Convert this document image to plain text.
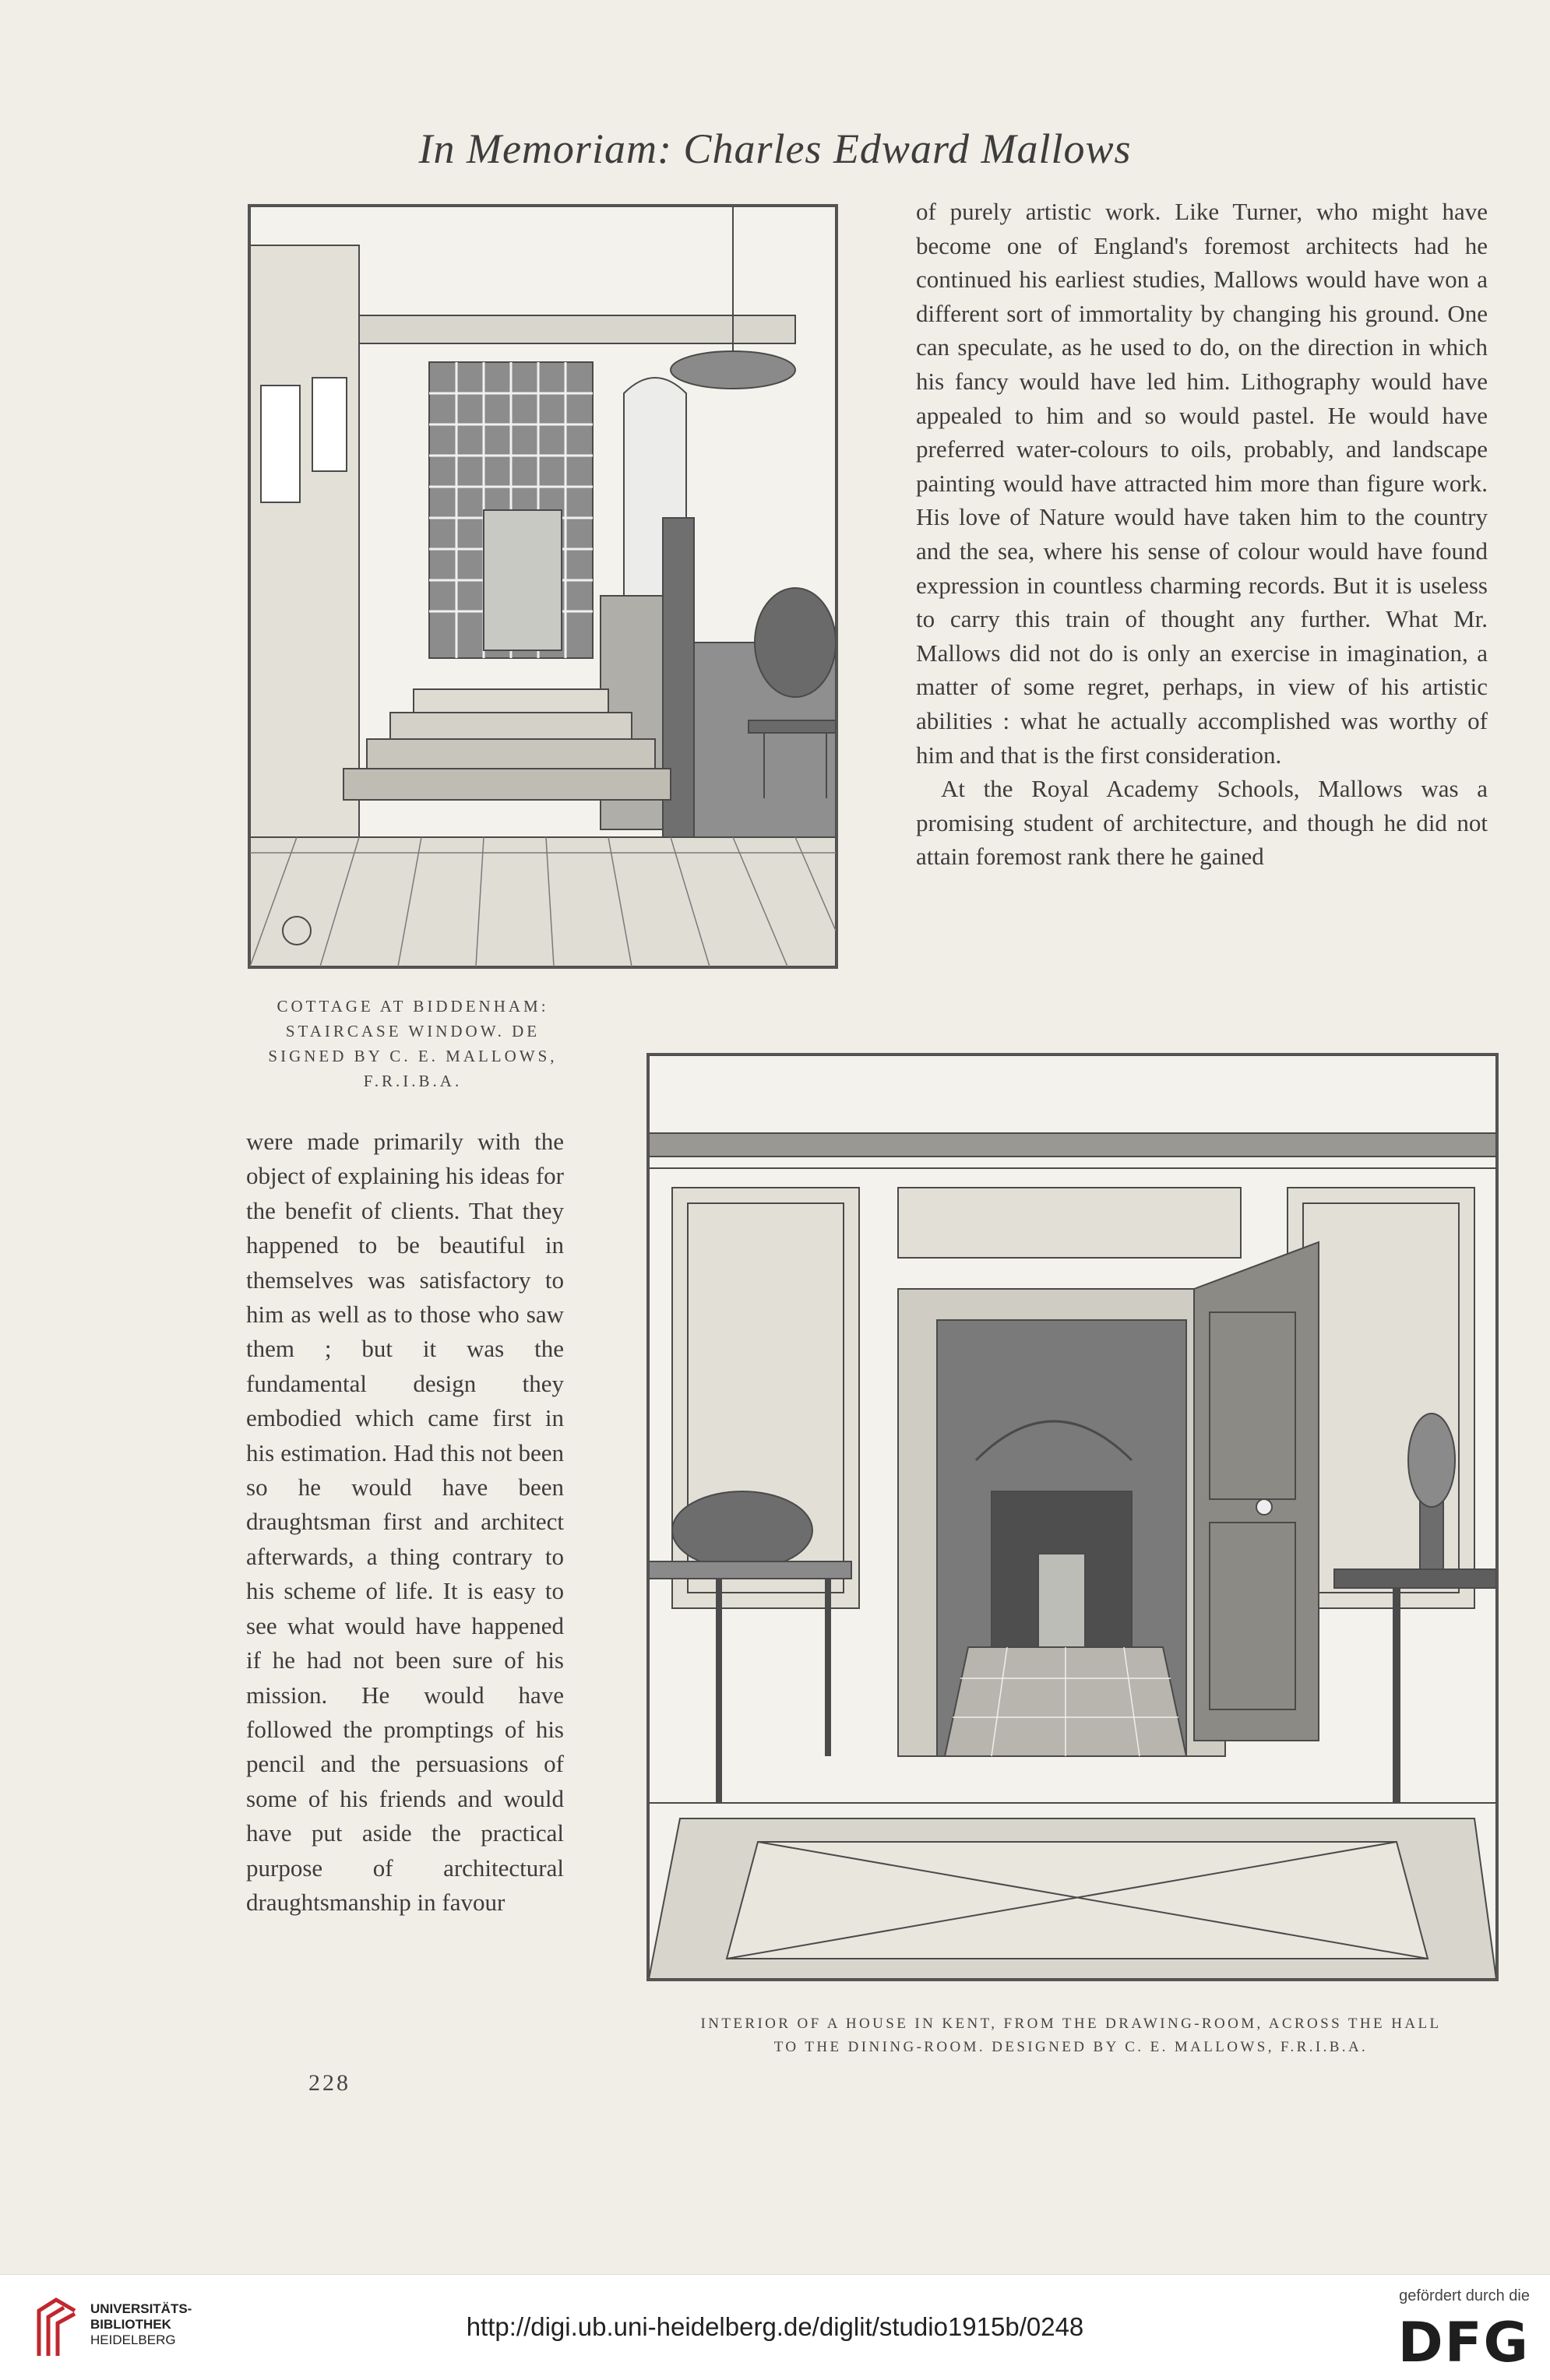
In Memoriam: Charles Edward Mallows
COTTAGE AT BIDDENHAM:
STAIRCASE WINDOW. DE
SIGNED BY C. E. MALLOWS,
F.R.I.B.A.

of purely artistic work. Like Turner, who might have become one of England's foremost architects had he continued his earliest studies, Mallows would have won a different sort of immortality by changing his ground. One can speculate, as he used to do, on the direction in which his fancy would have led him. Lithography would have appealed to him and so would pastel. He would have preferred water-colours to oils, probably, and landscape painting would have attracted him more than figure work. His love of Nature would have taken him to the country and the sea, where his sense of colour would have found expression in countless charming records. But it is useless to carry this train of thought any further. What Mr. Mallows did not do is only an exercise in imagination, a matter of some regret, perhaps, in view of his artistic abilities : what he actually accomplished was worthy of him and that is the first consideration.

At the Royal Academy Schools, Mallows was a promising student of architecture, and though he did not attain foremost rank there he gained

INTERIOR OF A HOUSE IN KENT, FROM THE DRAWING-ROOM, ACROSS THE HALL
TO THE DINING-ROOM. DESIGNED BY C. E. MALLOWS, F.R.I.B.A.

were made primarily with the object of explaining his ideas for the benefit of clients. That they happened to be beautiful in themselves was satisfactory to him as well as to those who saw them ; but it was the fundamental design they embodied which came first in his estimation. Had this not been so he would have been draughtsman first and architect afterwards, a thing contrary to his scheme of life. It is easy to see what would have happened if he had not been sure of his mission. He would have followed the promptings of his pencil and the persuasions of some of his friends and would have put aside the practical purpose of architectural draughtsmanship in favour

228
UNIVERSITÄTS-
BIBLIOTHEK
HEIDELBERG	http://digi.ub.uni-heidelberg.de/diglit/studio1915b/0248
gefördert durch die
DFG
